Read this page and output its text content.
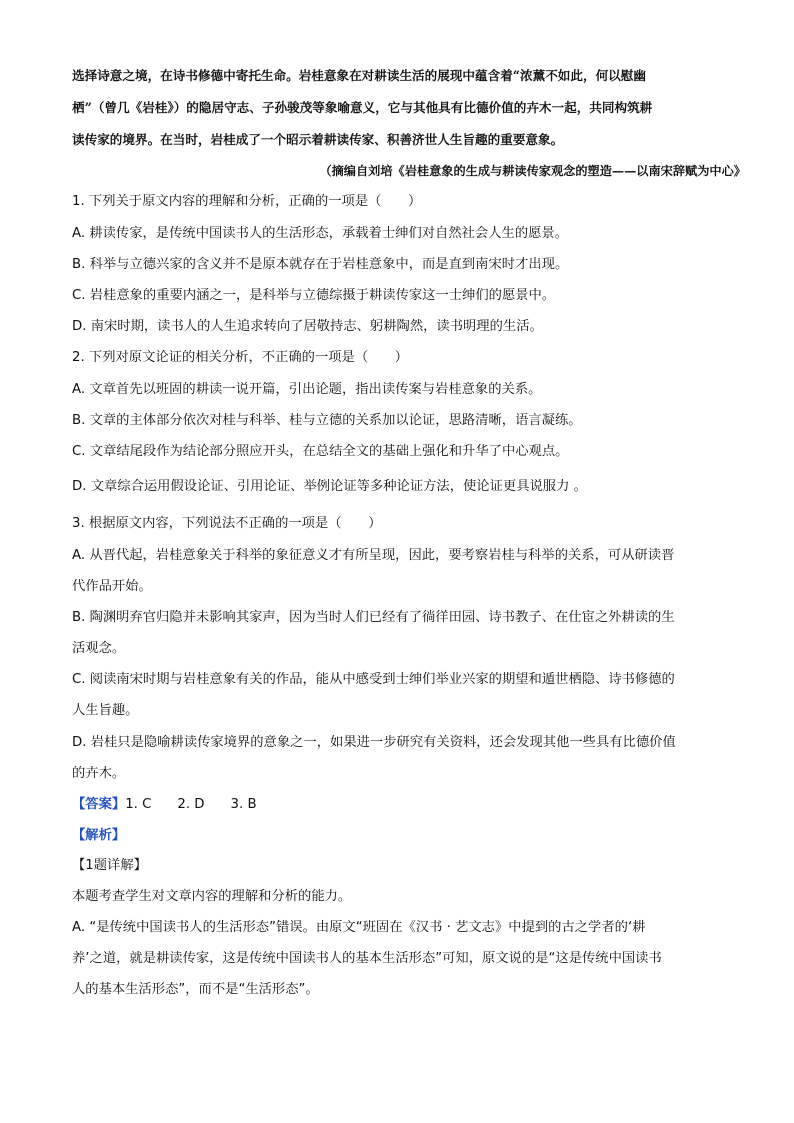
选择诗意之境，在诗书修德中寄托生命。岩桂意象在对耕读生活的展现中蕴含着“浓薰不如此，何以慰幽
栖”（曾几《岩桂》）的隐居守志、子孙骏茂等象喻意义，它与其他具有比德价值的卉木一起，共同构筑耕
读传家的境界。在当时，岩桂成了一个昭示着耕读传家、积善济世人生旨趣的重要意象。
（摘编自刘培《岩桂意象的生成与耕读传家观念的塑造——以南宋辞赋为中心》
1. 下列关于原文内容的理解和分析，正确的一项是（　　）
A. 耕读传家，是传统中国读书人的生活形态，承载着士绅们对自然社会人生的愿景。
B. 科举与立德兴家的含义并不是原本就存在于岩桂意象中，而是直到南宋时才出现。
C. 岩桂意象的重要内涵之一，是科举与立德综摄于耕读传家这一士绅们的愿景中。
D. 南宋时期，读书人的人生追求转向了居敬持志、躬耕陶然，读书明理的生活。
2. 下列对原文论证的相关分析，不正确的一项是（　　）
A. 文章首先以班固的耕读一说开篇，引出论题，指出读传案与岩桂意象的关系。
B. 文章的主体部分依次对桂与科举、桂与立德的关系加以论证，思路清晰，语言凝练。
C. 文章结尾段作为结论部分照应开头，在总结全文的基础上强化和升华了中心观点。
D. 文章综合运用假设论证、引用论证、举例论证等多种论证方法，使论证更具说服力 。
3. 根据原文内容，下列说法不正确的一项是（　　）
A. 从晋代起，岩桂意象关于科举的象征意义才有所呈现，因此，要考察岩桂与科举的关系，可从研读晋
代作品开始。
B. 陶渊明弃官归隐并未影响其家声，因为当时人们已经有了徜徉田园、诗书教子、在仕宦之外耕读的生
活观念。
C. 阅读南宋时期与岩桂意象有关的作品，能从中感受到士绅们举业兴家的期望和遁世栖隐、诗书修德的
人生旨趣。
D. 岩桂只是隐喻耕读传家境界的意象之一，如果进一步研究有关资料，还会发现其他一些具有比德价值
的卉木。
【答案】1. C 2. D 3. B
【解析】
【1题详解】
本题考查学生对文章内容的理解和分析的能力。
A. “是传统中国读书人的生活形态”错误。由原文“班固在《汉书 · 艺文志》中提到的古之学者的‘耕
养’之道，就是耕读传家，这是传统中国读书人的基本生活形态”可知，原文说的是“这是传统中国读书
人的基本生活形态”，而不是“生活形态”。
